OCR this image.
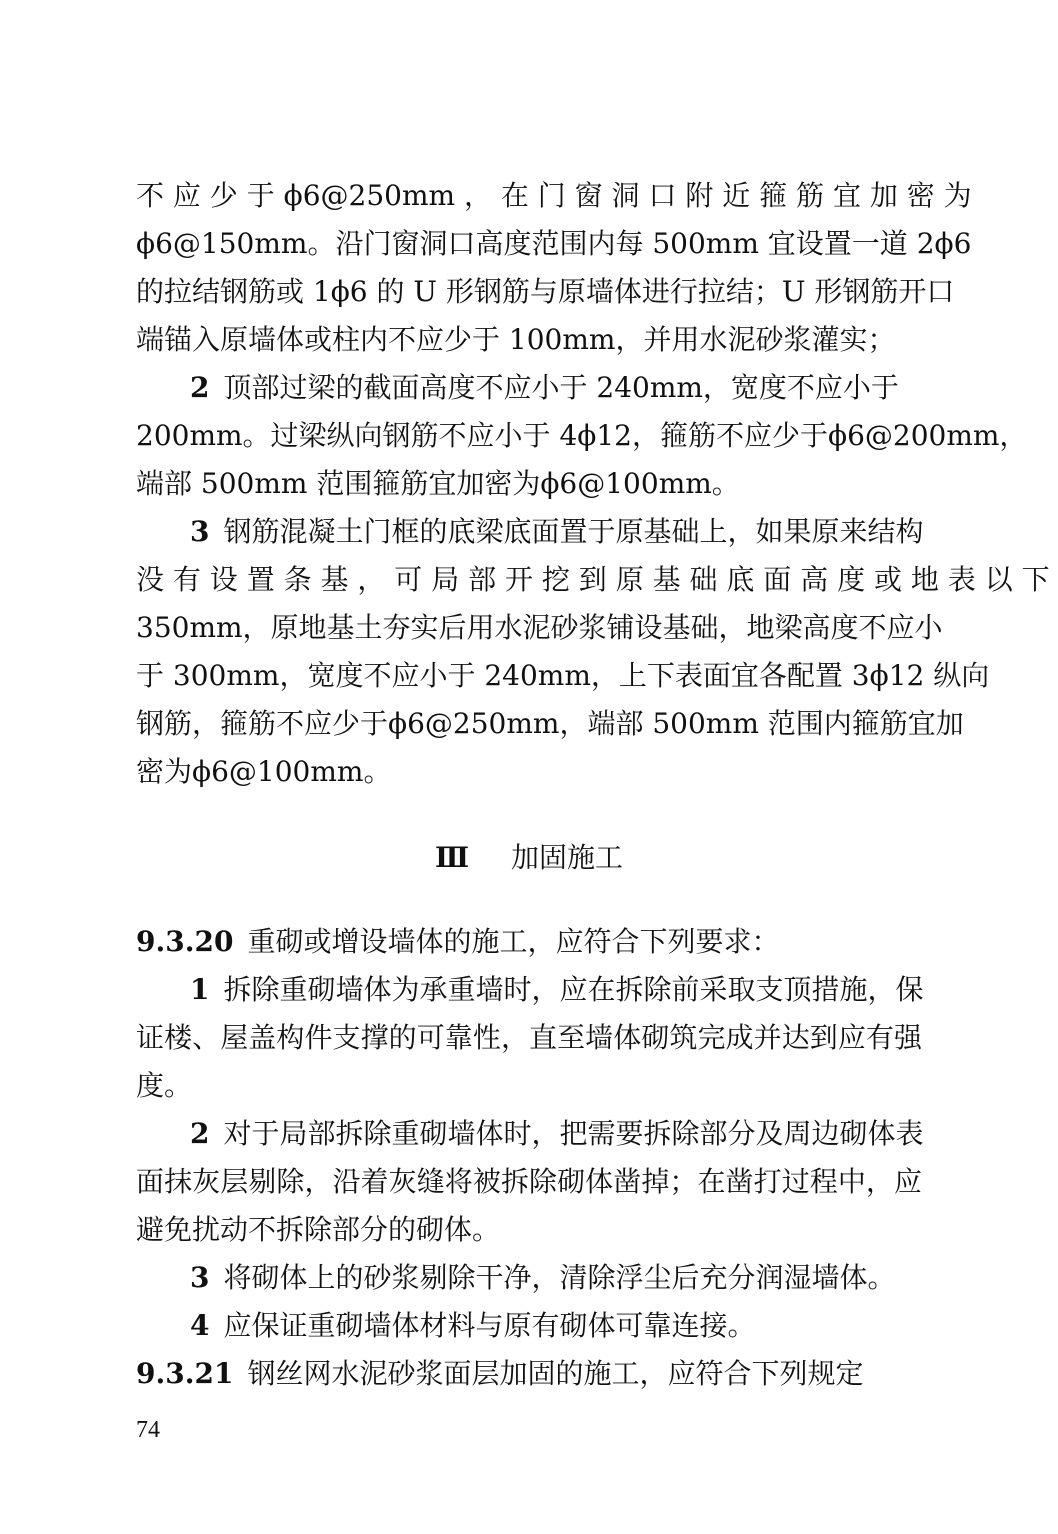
不 应 少 于 ϕ6@250mm ， 在 门 窗 洞 口 附 近 箍 筋 宜 加 密 为
ϕ6@150mm。沿门窗洞口高度范围内每 500mm 宜设置一道 2ϕ6
的拉结钢筋或 1ϕ6 的 U 形钢筋与原墙体进行拉结；U 形钢筋开口
端锚入原墙体或柱内不应少于 100mm，并用水泥砂浆灌实；
2 顶部过梁的截面高度不应小于 240mm，宽度不应小于
200mm。过梁纵向钢筋不应小于 4ϕ12，箍筋不应少于ϕ6@200mm，
端部 500mm 范围箍筋宜加密为ϕ6@100mm。
3 钢筋混凝土门框的底梁底面置于原基础上，如果原来结构
没 有 设 置 条 基 ， 可 局 部 开 挖 到 原 基 础 底 面 高 度 或 地 表 以 下
350mm，原地基土夯实后用水泥砂浆铺设基础，地梁高度不应小
于 300mm，宽度不应小于 240mm，上下表面宜各配置 3ϕ12 纵向
钢筋，箍筋不应少于ϕ6@250mm，端部 500mm 范围内箍筋宜加
密为ϕ6@100mm。
Ⅲ 加固施工
9.3.20 重砌或增设墙体的施工，应符合下列要求：
1 拆除重砌墙体为承重墙时，应在拆除前采取支顶措施，保
证楼、屋盖构件支撑的可靠性，直至墙体砌筑完成并达到应有强
度。
2 对于局部拆除重砌墙体时，把需要拆除部分及周边砌体表
面抹灰层剔除，沿着灰缝将被拆除砌体凿掉；在凿打过程中，应
避免扰动不拆除部分的砌体。
3 将砌体上的砂浆剔除干净，清除浮尘后充分润湿墙体。
4 应保证重砌墙体材料与原有砌体可靠连接。
9.3.21 钢丝网水泥砂浆面层加固的施工，应符合下列规定
74
